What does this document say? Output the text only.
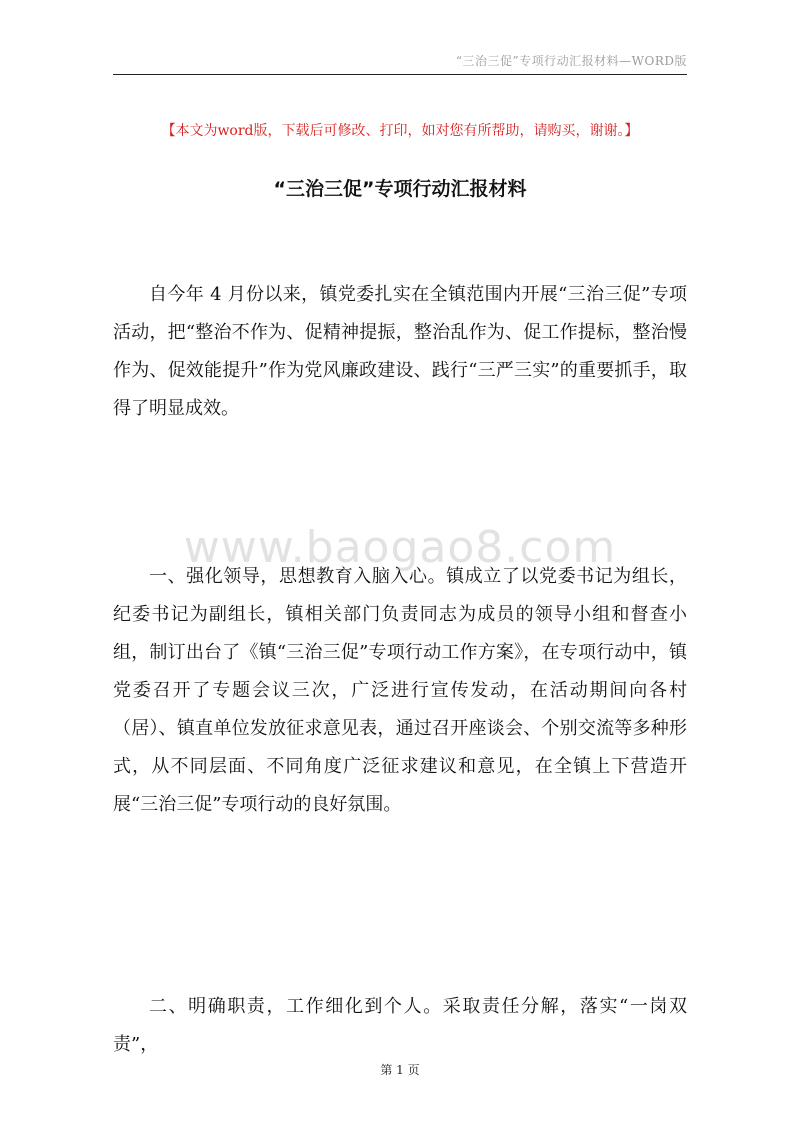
“三治三促”专项行动汇报材料—WORD版
【本文为word版，下载后可修改、打印，如对您有所帮助，请购买，谢谢。】
“三治三促”专项行动汇报材料

自今年 4 月份以来，镇党委扎实在全镇范围内开展“三治三促”专项活动，把“整治不作为、促精神提振，整治乱作为、促工作提标，整治慢作为、促效能提升”作为党风廉政建设、践行“三严三实”的重要抓手，取得了明显成效。

www.baogao8.com

一、强化领导，思想教育入脑入心。镇成立了以党委书记为组长，纪委书记为副组长，镇相关部门负责同志为成员的领导小组和督查小组，制订出台了《镇“三治三促”专项行动工作方案》，在专项行动中，镇党委召开了专题会议三次，广泛进行宣传发动，在活动期间向各村（居）、镇直单位发放征求意见表，通过召开座谈会、个别交流等多种形式，从不同层面、不同角度广泛征求建议和意见，在全镇上下营造开展“三治三促”专项行动的良好氛围。

二、明确职责，工作细化到个人。采取责任分解，落实“一岗双责”，

第 1 页
